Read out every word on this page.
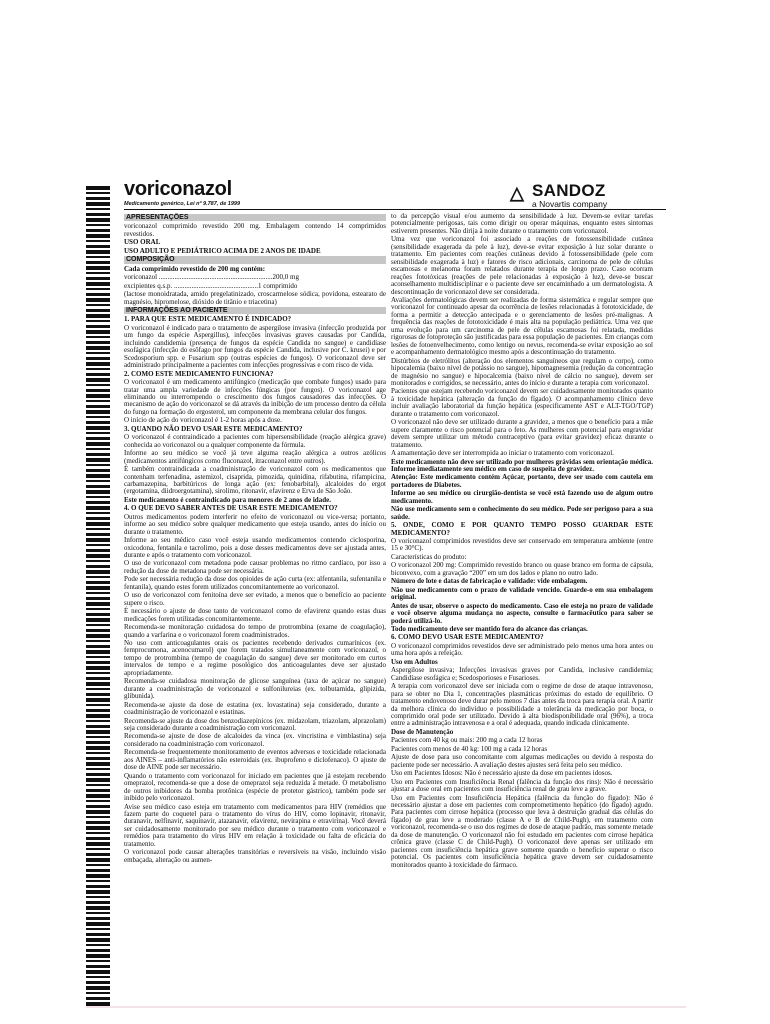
voriconazol
Medicamento genérico, Lei nº 9.787, de 1999
△ SANDOZ
a Novartis company
APRESENTAÇÕES
voriconazol comprimido revestido 200 mg. Embalagem contendo 14 comprimidos revestidos.
USO ORAL
USO ADULTO E PEDIÁTRICO ACIMA DE 2 ANOS DE IDADE
COMPOSIÇÃO
Cada comprimido revestido de 200 mg contém:
voriconazol .................................................................200,0 mg
excipientes q.s.p. ................................................1 comprimido
(lactose monoidratada, amido pregelatinizado, croscarmelose sódica, povidona, estearato de magnésio, hipromelose, dióxido de titânio e triacetina)
INFORMAÇÕES AO PACIENTE
1. PARA QUE ESTE MEDICAMENTO É INDICADO?
O voriconazol é indicado para o tratamento de aspergilose invasiva (infecção produzida por um fungo da espécie Aspergillus), infecções invasivas graves causadas por Candida, incluindo candidemia (presença de fungos da espécie Candida no sangue) e candidíase esofágica (infecção do esôfago por fungos da espécie Candida, inclusive por C. krusei) e por Scedosporium spp. e Fusarium spp (outras espécies de fungos). O voriconazol deve ser administrado principalmente a pacientes com infecções progressivas e com risco de vida.
2. COMO ESTE MEDICAMENTO FUNCIONA?
O voriconazol é um medicamento antifúngico (medicação que combate fungos) usado para tratar uma ampla variedade de infecções fúngicas (por fungos). O voriconazol age eliminando ou interrompendo o crescimento dos fungos causadores das infecções. O mecanismo de ação do voriconazol se dá através da inibição de um processo dentro da célula do fungo na formação do ergosterol, um componente da membrana celular dos fungos.
O início de ação do voriconazol é 1-2 horas após a dose.
3. QUANDO NÃO DEVO USAR ESTE MEDICAMENTO?
O voriconazol é contraindicado a pacientes com hipersensibilidade (reação alérgica grave) conhecida ao voriconazol ou a qualquer componente da fórmula.
Informe ao seu médico se você já teve alguma reação alérgica a outros azólicos (medicamentos antifúngicos como fluconazol, itraconazol entre outros).
É também contraindicada a coadministração de voriconazol com os medicamentos que contenham terfenadina, astemizol, cisaprida, pimozida, quinidina, rifabutina, rifampicina, carbamazepina, barbitúricos de longa ação (ex: fenobarbital), alcaloides do ergot (ergotamina, diidroergotamina), sirolimo, ritonavir, efavirenz e Erva de São João.
Este medicamento é contraindicado para menores de 2 anos de idade.
4. O QUE DEVO SABER ANTES DE USAR ESTE MEDICAMENTO?
Outros medicamentos podem interferir no efeito de voriconazol ou vice-versa; portanto, informe ao seu médico sobre qualquer medicamento que esteja usando, antes do início ou durante o tratamento.
Informe ao seu médico caso você esteja usando medicamentos contendo ciclosporina, oxicodona, fentanila e tacrolimo, pois a dose desses medicamentos deve ser ajustada antes, durante e após o tratamento com voriconazol.
O uso de voriconazol com metadona pode causar problemas no ritmo cardíaco, por isso a redução da dose de metadona pode ser necessária.
Pode ser necessária redução da dose dos opioides de ação curta (ex: alfentanila, sufentanila e fentanila), quando estes forem utilizados concomitantemente ao voriconazol.
O uso de voriconazol com fenitoína deve ser evitado, a menos que o benefício ao paciente supere o risco.
É necessário o ajuste de dose tanto de voriconazol como de efavirenz quando estas duas medicações forem utilizadas concomitantemente.
Recomenda-se monitoração cuidadosa do tempo de protrombina (exame de coagulação), quando a varfarina e o voriconazol forem coadministrados.
No uso com anticoagulantes orais os pacientes recebendo derivados cumarínicos (ex. femprocumona, acenocumarol) que forem tratados simultaneamente com voriconazol, o tempo de protrombina (tempo de coagulação do sangue) deve ser monitorado em curtos intervalos de tempo e a regime posológico dos anticoagulantes deve ser ajustado apropriadamente.
Recomenda-se cuidadosa monitoração de glicose sanguínea (taxa de açúcar no sangue) durante a coadministração de voriconazol e sulfonilureias (ex. tolbutamida, glipizida, glibunida).
Recomenda-se ajuste da dose de estatina (ex. lovastatina) seja considerado, durante a coadministração de voriconazol e estatinas.
Recomenda-se ajuste da dose dos benzodiazepínicos (ex. midazolam, triazolam, alprazolam) seja considerado durante a coadministração com voriconazol.
Recomenda-se ajuste de dose de alcaloides da vinca (ex. vincristina e vimblastina) seja considerado na coadministração com voriconazol.
Recomenda-se frequentemente monitoramento de eventos adversos e toxicidade relacionada aos AINES – anti-inflamatórios não esteroidais (ex. ibuprofeno e diclofenaco). O ajuste de dose de AINE pode ser necessário.
Quando o tratamento com voriconazol for iniciado em pacientes que já estejam recebendo omeprazol, recomenda-se que a dose de omeprazol seja reduzida à metade. O metabolismo de outros inibidores da bomba protônica (espécie de protetor gástrico), também pode ser inibido pelo voriconazol.
Avise seu médico caso esteja em tratamento com medicamentos para HIV (remédios que fazem parte do coquetel para o tratamento do vírus do HIV, como lopinavir, ritonavir, duranavir, nelfinavir, saquinavir, atazanavir, efavirenz, nevirapina e etravirina). Você deverá ser cuidadosamente monitorado por seu médico durante o tratamento com voriconazol e remédios para tratamento do vírus HIV em relação à toxicidade ou falta de eficácia do tratamento.
O voriconazol pode causar alterações transitórias e reversíveis na visão, incluindo visão embaçada, alteração ou aumen-
to da percepção visual e/ou aumento da sensibilidade à luz. Devem-se evitar tarefas potencialmente perigosas, tais como dirigir ou operar máquinas, enquanto estes sintomas estiverem presentes. Não dirija à noite durante o tratamento com voriconazol.
Uma vez que voriconazol foi associado a reações de fotossensibilidade cutânea (sensibilidade exagerada da pele à luz), deve-se evitar exposição à luz solar durante o tratamento. Em pacientes com reações cutâneas devido à fotossensibilidade (pele com sensibilidade exagerada à luz) e fatores de risco adicionais, carcinoma de pele de células escamosas e melanoma foram relatados durante terapia de longo prazo. Caso ocorram reações fototóxicas (reações de pele relacionadas à exposição à luz), deve-se buscar aconselhamento multidisciplinar e o paciente deve ser encaminhado a um dermatologista. A descontinuação de voriconazol deve ser considerada.
Avaliações dermatológicas devem ser realizadas de forma sistemática e regular sempre que voriconazol for continuado apesar da ocorrência de lesões relacionadas à fototoxicidade, de forma a permitir a detecção antecipada e o gerenciamento de lesões pré-malignas. A frequência das reações de fototoxicidade é mais alta na população pediátrica. Uma vez que uma evolução para um carcinoma de pele de células escamosas foi relatada, medidas rigorosas de fotoproteção são justificadas para essa população de pacientes. Em crianças com lesões de fotoenvelhecimento, como lentigo ou nevus, recomenda-se evitar exposição ao sol e acompanhamento dermatológico mesmo após a descontinuação do tratamento.
Distúrbios de eletrólitos (alteração dos elementos sanguíneos que regulam o corpo), como hipocalemia (baixo nível de potássio no sangue), hipomagnesemia (redução da concentração de magnésio no sangue) e hipocalcemia (baixo nível de cálcio no sangue), devem ser monitorados e corrigidos, se necessário, antes do início e durante a terapia com voriconazol.
Pacientes que estejam recebendo voriconazol devem ser cuidadosamente monitorados quanto à toxicidade hepática (alteração da função do fígado). O acompanhamento clínico deve incluir avaliação laboratorial da função hepática (especificamente AST e ALT-TGO/TGP) durante o tratamento com voriconazol.
O voriconazol não deve ser utilizado durante a gravidez, a menos que o benefício para a mãe supere claramente o risco potencial para o feto. As mulheres com potencial para engravidar devem sempre utilizar um método contraceptivo (para evitar gravidez) eficaz durante o tratamento.
A amamentação deve ser interrompida ao iniciar o tratamento com voriconazol.
Este medicamento não deve ser utilizado por mulheres grávidas sem orientação médica. Informe imediatamente seu médico em caso de suspeita de gravidez.
Atenção: Este medicamento contém Açúcar, portanto, deve ser usado com cautela em portadores de Diabetes.
Informe ao seu médico ou cirurgião-dentista se você está fazendo uso de algum outro medicamento.
Não use medicamento sem o conhecimento do seu médico. Pode ser perigoso para a sua saúde.
5. ONDE, COMO E POR QUANTO TEMPO POSSO GUARDAR ESTE MEDICAMENTO?
O voriconazol comprimidos revestidos deve ser conservado em temperatura ambiente (entre 15 e 30°C).
Características do produto:
O voriconazol 200 mg: Comprimido revestido branco ou quase branco em forma de cápsula, biconvexo, com a gravação “200” em um dos lados e plano no outro lado.
Número de lote e datas de fabricação e validade: vide embalagem.
Não use medicamento com o prazo de validade vencido. Guarde-o em sua embalagem original.
Antes de usar, observe o aspecto do medicamento. Caso ele esteja no prazo de validade e você observe alguma mudança no aspecto, consulte o farmacêutico para saber se poderá utilizá-lo.
Todo medicamento deve ser mantido fora do alcance das crianças.
6. COMO DEVO USAR ESTE MEDICAMENTO?
O voriconazol comprimidos revestidos deve ser administrado pelo menos uma hora antes ou uma hora após a refeição.
Uso em Adultos
Aspergilose invasiva; Infecções invasivas graves por Candida, inclusive candidemia; Candidíase esofágica e; Scedosporioses e Fusarioses.
A terapia com voriconazol deve ser iniciada com o regime de dose de ataque intravenoso, para se obter no Dia 1, concentrações plasmáticas próximas do estado de equilíbrio. O tratamento endovenoso deve durar pelo menos 7 dias antes da troca para terapia oral. A partir da melhora clínica do indivíduo e possibilidade a tolerância da medicação por boca, o comprimido oral pode ser utilizado. Devido à alta biodisponibilidade oral (96%), a troca entre a administração intravenosa e a oral é adequada, quando indicada clinicamente.
Dose de Manutenção
Pacientes com 40 kg ou mais: 200 mg a cada 12 horas
Pacientes com menos de 40 kg: 100 mg a cada 12 horas
Ajuste de dose para uso concomitante com algumas medicações ou devido à resposta do paciente pode ser necessário. A avaliação destes ajustes será feita pelo seu médico.
Uso em Pacientes Idosos: Não é necessário ajuste da dose em pacientes idosos.
Uso em Pacientes com Insuficiência Renal (falência da função dos rins): Não é necessário ajustar a dose oral em pacientes com insuficiência renal de grau leve a grave.
Uso em Pacientes com Insuficiência Hepática (falência da função do fígado): Não é necessário ajustar a dose em pacientes com comprometimento hepático (do fígado) agudo. Para pacientes com cirrose hepática (processo que leva à destruição gradual das células do fígado) de grau leve a moderado (classe A e B de Child-Pugh), em tratamento com voriconazol, recomenda-se o uso dos regimes de dose de ataque padrão, mas somente metade da dose de manutenção. O voriconazol não foi estudado em pacientes com cirrose hepática crônica grave (classe C de Child-Pugh). O voriconazol deve apenas ser utilizado em pacientes com insuficiência hepática grave somente quando o benefício superar o risco potencial. Os pacientes com insuficiência hepática grave devem ser cuidadosamente monitorados quanto à toxicidade do fármaco.
